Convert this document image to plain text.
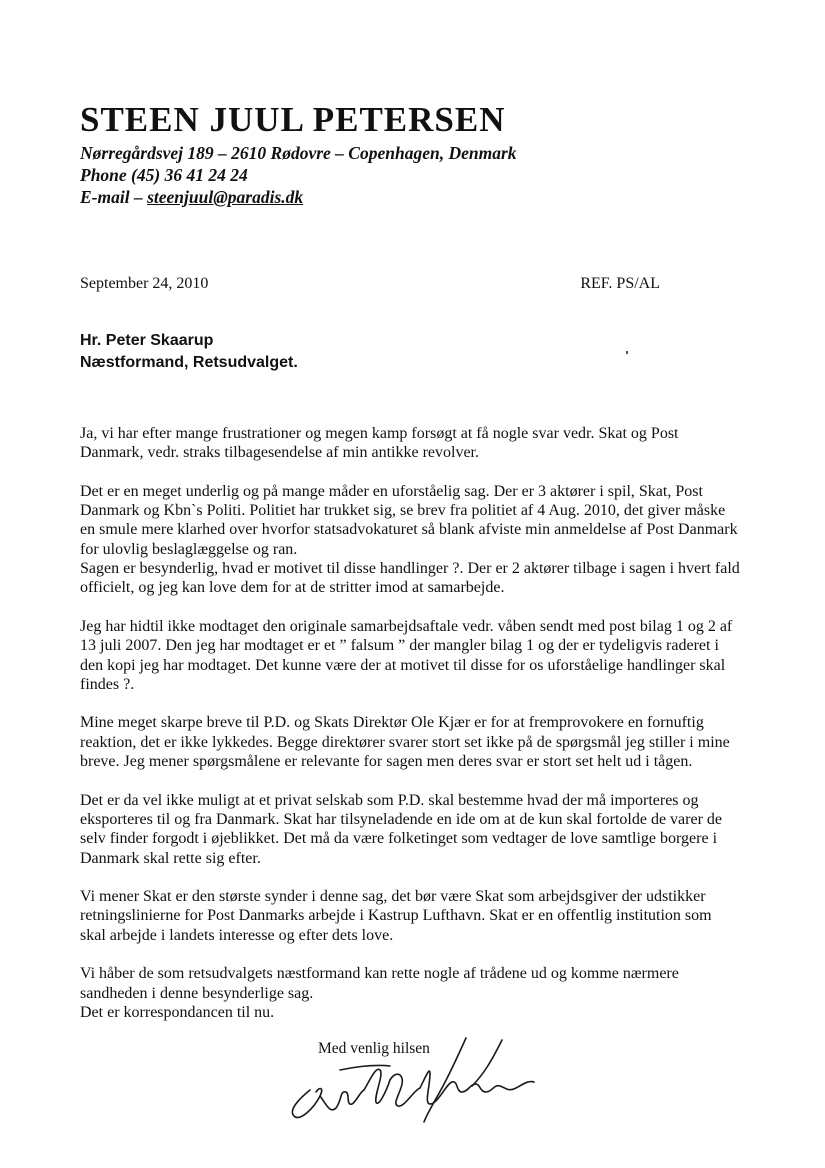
STEEN JUUL PETERSEN

Nørregårdsvej 189 – 2610 Rødovre – Copenhagen, Denmark

Phone (45) 36 41 24 24

E-mail – steenjuul@paradis.dk

September 24, 2010	REF. PS/AL
Hr. Peter Skaarup
Næstformand, Retsudvalget.

Ja, vi har efter mange frustrationer og megen kamp forsøgt at få nogle svar vedr. Skat og Post Danmark, vedr. straks tilbagesendelse af min antikke revolver.

Det er en meget underlig og på mange måder en uforståelig sag. Der er 3 aktører i spil, Skat, Post Danmark og Kbn`s Politi. Politiet har trukket sig, se brev fra politiet af 4 Aug. 2010, det giver måske en smule mere klarhed over hvorfor statsadvokaturet så blank afviste min anmeldelse af Post Danmark for ulovlig beslaglæggelse og ran.
Sagen er besynderlig, hvad er motivet til disse handlinger ?. Der er 2 aktører tilbage i sagen i hvert fald officielt, og jeg kan love dem for at de stritter imod at samarbejde.

Jeg har hidtil ikke modtaget den originale samarbejdsaftale vedr. våben sendt med post bilag 1 og 2 af 13 juli 2007. Den jeg har modtaget er et ” falsum ” der mangler bilag 1 og der er tydeligvis raderet i den kopi jeg har modtaget. Det kunne være der at motivet til disse for os uforståelige handlinger skal findes ?.

Mine meget skarpe breve til P.D. og Skats Direktør Ole Kjær er for at fremprovokere en fornuftig reaktion, det er ikke lykkedes. Begge direktører svarer stort set ikke på de spørgsmål jeg stiller i mine breve. Jeg mener spørgsmålene er relevante for sagen men deres svar er stort set helt ud i tågen.

Det er da vel ikke muligt at et privat selskab som P.D. skal bestemme hvad der må importeres og eksporteres til og fra Danmark. Skat har tilsyneladende en ide om at de kun skal fortolde de varer de selv finder forgodt i øjeblikket. Det må da være folketinget som vedtager de love samtlige borgere i Danmark skal rette sig efter.

Vi mener Skat er den største synder i denne sag, det bør være Skat som arbejdsgiver der udstikker retningslinierne for Post Danmarks arbejde i Kastrup Lufthavn. Skat er en offentlig institution som skal arbejde i landets interesse og efter dets love.

Vi håber de som retsudvalgets næstformand kan rette nogle af trådene ud og komme nærmere sandheden i denne besynderlige sag.
Det er korrespondancen til nu.

Med venlig hilsen
